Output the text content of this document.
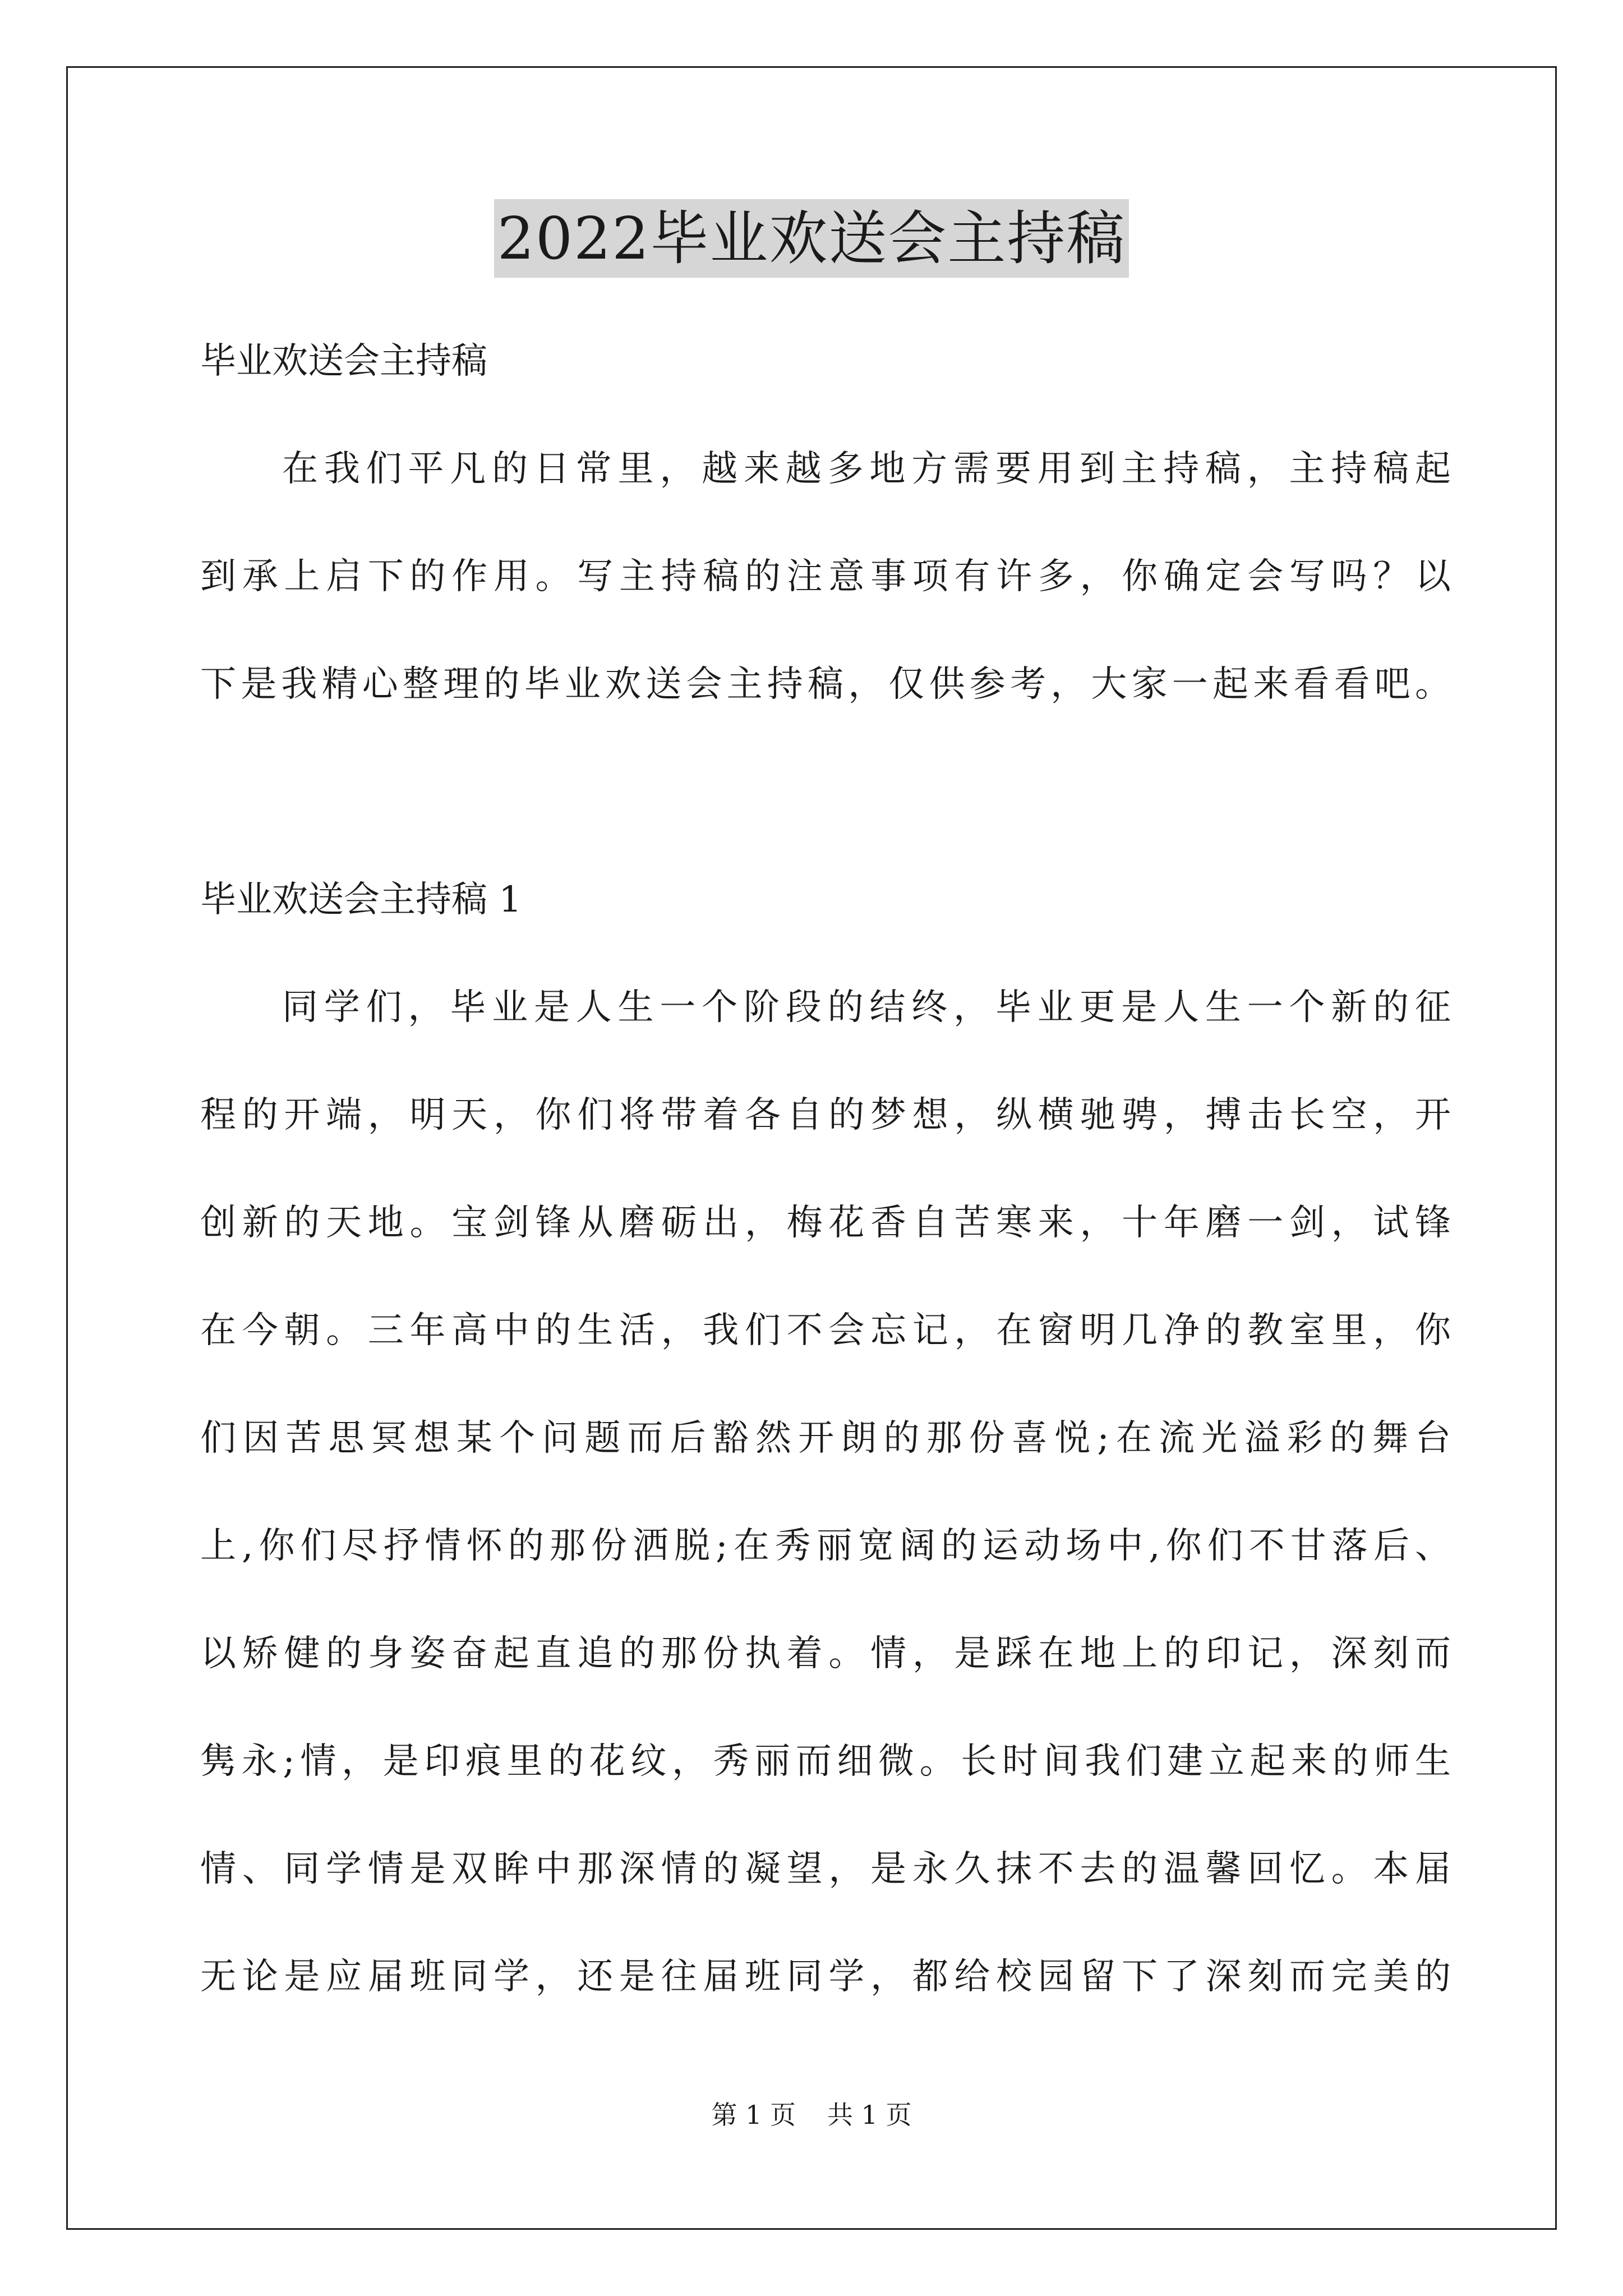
2022毕业欢送会主持稿
毕业欢送会主持稿
在我们平凡的日常里，越来越多地方需要用到主持稿，主持稿起
到承上启下的作用。写主持稿的注意事项有许多，你确定会写吗？以
下是我精心整理的毕业欢送会主持稿，仅供参考，大家一起来看看吧。
毕业欢送会主持稿 1
同学们，毕业是人生一个阶段的结终，毕业更是人生一个新的征
程的开端，明天，你们将带着各自的梦想，纵横驰骋，搏击长空，开
创新的天地。宝剑锋从磨砺出，梅花香自苦寒来，十年磨一剑，试锋
在今朝。三年高中的生活，我们不会忘记，在窗明几净的教室里，你
们因苦思冥想某个问题而后豁然开朗的那份喜悦;在流光溢彩的舞台
上,你们尽抒情怀的那份洒脱;在秀丽宽阔的运动场中,你们不甘落后、
以矫健的身姿奋起直追的那份执着。情，是踩在地上的印记，深刻而
隽永;情，是印痕里的花纹，秀丽而细微。长时间我们建立起来的师生
情、同学情是双眸中那深情的凝望，是永久抹不去的温馨回忆。本届
无论是应届班同学，还是往届班同学，都给校园留下了深刻而完美的
第 1 页 共 1 页
